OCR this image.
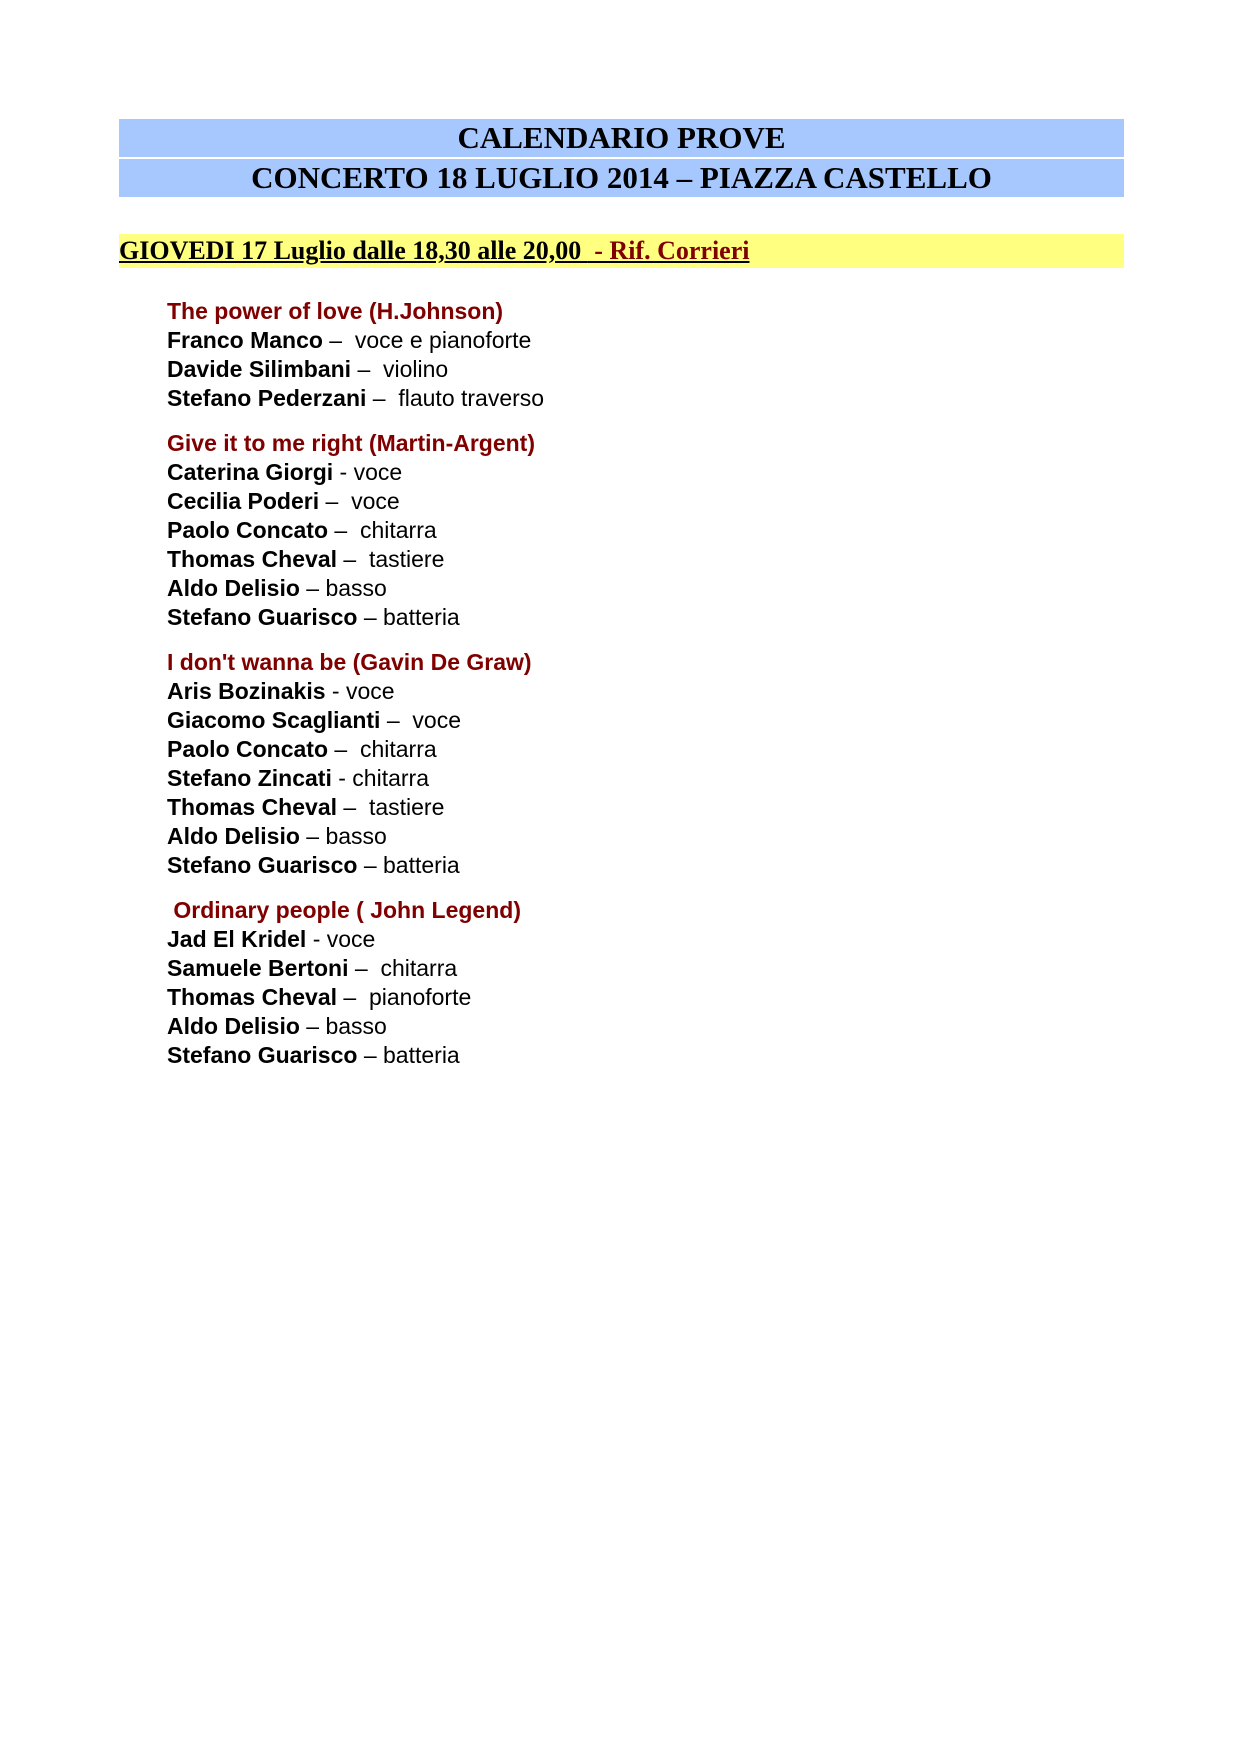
CALENDARIO PROVE
CONCERTO 18 LUGLIO 2014 – PIAZZA CASTELLO
GIOVEDI 17 Luglio dalle 18,30 alle 20,00  - Rif. Corrieri
The power of love (H.Johnson)
Franco Manco –  voce e pianoforte
Davide Silimbani –  violino
Stefano Pederzani –  flauto traverso
Give it to me right (Martin-Argent)
Caterina Giorgi - voce
Cecilia Poderi –  voce
Paolo Concato –  chitarra
Thomas Cheval –  tastiere
Aldo Delisio – basso
Stefano Guarisco – batteria
I don't wanna be (Gavin De Graw)
Aris Bozinakis - voce
Giacomo Scaglianti –  voce
Paolo Concato –  chitarra
Stefano Zincati - chitarra
Thomas Cheval –  tastiere
Aldo Delisio – basso
Stefano Guarisco – batteria
Ordinary people ( John Legend)
Jad El Kridel - voce
Samuele Bertoni –  chitarra
Thomas Cheval –  pianoforte
Aldo Delisio – basso
Stefano Guarisco – batteria
